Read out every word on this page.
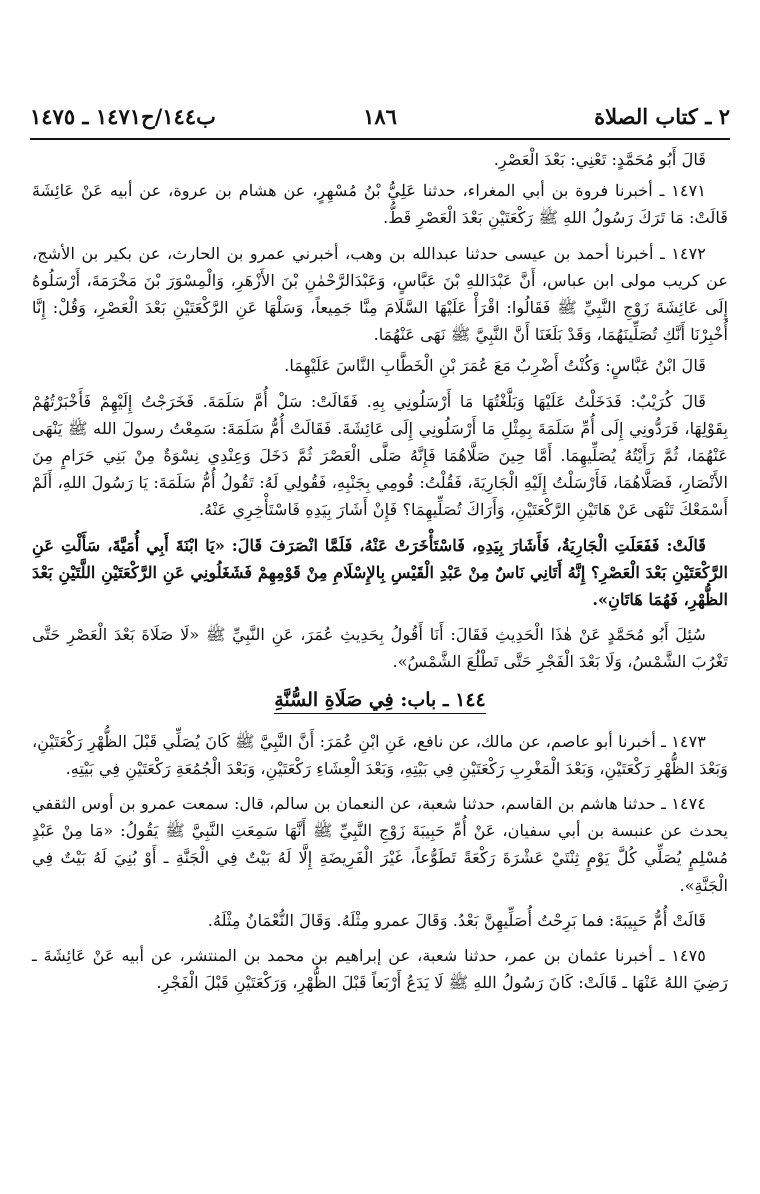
٢ ـ كتاب الصلاة
١٨٦
ب١٤٤/ح١٤٧١ ـ ١٤٧٥

قَالَ أَبُو مُحَمَّدٍ: تَعْنِي: بَعْدَ الْعَصْرِ.

١٤٧١ ـ أخبرنا فروة بن أبي المغراء، حدثنا عَلِيُّ بْنُ مُسْهِرٍ، عن هشام بن عروة، عن أبيه عَنْ عَائِشَةَ قَالَتْ: مَا تَرَكَ رَسُولُ اللهِ ﷺ رَكْعَتَيْنِ بَعْدَ الْعَصْرِ قَطُّ.

١٤٧٢ ـ أخبرنا أحمد بن عيسى حدثنا عبدالله بن وهب، أخبرني عمرو بن الحارث، عن بكير بن الأشج، عن كريب مولى ابن عباس، أَنَّ عَبْدَاللهِ بْنَ عَبَّاسٍ، وَعَبْدَالرَّحْمٰنِ بْنَ الأَزْهَرِ، وَالْمِسْوَرَ بْنَ مَخْرَمَةَ، أَرْسَلُوهُ إِلَى عَائِشَةَ زَوْجِ النَّبِيِّ ﷺ فَقَالُوا: اقْرَأْ عَلَيْهَا السَّلَامَ مِنَّا جَمِيعاً، وَسَلْهَا عَنِ الرَّكْعَتَيْنِ بَعْدَ الْعَصْرِ، وَقُلْ: إِنَّا أُخْبِرْنَا أَنَّكِ تُصَلِّينَهُمَا، وَقَدْ بَلَغَنَا أَنَّ النَّبِيَّ ﷺ نَهَى عَنْهُمَا.

قَالَ ابْنُ عَبَّاسٍ: وَكُنْتُ أَضْرِبُ مَعَ عُمَرَ بْنِ الْخَطَّابِ النَّاسَ عَلَيْهِمَا.

قَالَ كُرَيْبٌ: فَدَخَلْتُ عَلَيْهَا وَبَلَّغْتُهَا مَا أَرْسَلُونِي بِهِ. فَقَالَتْ: سَلْ أُمَّ سَلَمَةَ. فَخَرَجْتُ إِلَيْهِمْ فَأَخْبَرْتُهُمْ بِقَوْلِهَا، فَرَدُّونِي إِلَى أُمِّ سَلَمَةَ بِمِثْلِ مَا أَرْسَلُونِي إِلَى عَائِشَةَ. فَقَالَتْ أُمُّ سَلَمَةَ: سَمِعْتُ رسولَ الله ﷺ يَنْهَى عَنْهُمَا، ثُمَّ رَأَيْتُهُ يُصَلِّيهِمَا. أَمَّا حِينَ صَلَّاهُمَا فَإِنَّهُ صَلَّى الْعَصْرَ ثُمَّ دَخَلَ وَعِنْدِي نِسْوَةٌ مِنْ بَنِي حَرَامٍ مِنَ الأَنْصَارِ، فَصَلَّاهُمَا، فَأَرْسَلْتُ إِلَيْهِ الْجَارِيَةَ، فَقُلْتُ: قُومِي بِجَنْبِهِ، فَقُولِي لَهُ: تَقُولُ أُمُّ سَلَمَةَ: يَا رَسُولَ اللهِ، أَلَمْ أَسْمَعْكَ تَنْهَى عَنْ هَاتَيْنِ الرَّكْعَتَيْنِ، وَأَرَاكَ تُصَلِّيهِمَا؟ فَإِنْ أَشَارَ بِيَدِهِ فَاسْتَأْخِرِي عَنْهُ.

قَالَتْ: فَفَعَلَتِ الْجَارِيَةُ، فَأَشَارَ بِيَدِهِ، فَاسْتَأْخَرَتْ عَنْهُ، فَلَمَّا انْصَرَفَ قَالَ: «يَا ابْنَةَ أَبِي أُمَيَّةَ، سَأَلْتِ عَنِ الرَّكْعَتَيْنِ بَعْدَ الْعَصْرِ؟ إِنَّهُ أَتَانِي نَاسٌ مِنْ عَبْدِ الْقَيْسِ بِالإِسْلَامِ مِنْ قَوْمِهِمْ فَشَغَلُونِي عَنِ الرَّكْعَتَيْنِ اللَّتَيْنِ بَعْدَ الظُّهْرِ، فَهُمَا هَاتَانِ».

سُئِلَ أَبُو مُحَمَّدٍ عَنْ هٰذَا الْحَدِيثِ فَقَالَ: أَنَا أَقُولُ بِحَدِيثِ عُمَرَ، عَنِ النَّبِيِّ ﷺ «لَا صَلَاةَ بَعْدَ الْعَصْرِ حَتَّى تَغْرُبَ الشَّمْسُ، وَلَا بَعْدَ الْفَجْرِ حَتَّى تَطْلُعَ الشَّمْسُ».

١٤٤ ـ باب: فِي صَلَاةِ السُّنَّةِ

١٤٧٣ ـ أخبرنا أبو عاصم، عن مالك، عن نافع، عَنِ ابْنِ عُمَرَ: أَنَّ النَّبِيَّ ﷺ كَانَ يُصَلِّي قَبْلَ الظُّهْرِ رَكْعَتَيْنِ، وَبَعْدَ الظُّهْرِ رَكْعَتَيْنِ، وَبَعْدَ الْمَغْرِبِ رَكْعَتَيْنِ فِي بَيْتِهِ، وَبَعْدَ الْعِشَاءِ رَكْعَتَيْنِ، وَبَعْدَ الْجُمُعَةِ رَكْعَتَيْنِ فِي بَيْتِهِ.

١٤٧٤ ـ حدثنا هاشم بن القاسم، حدثنا شعبة، عن النعمان بن سالم، قال: سمعت عمرو بن أوس الثقفي يحدث عن عنبسة بن أبي سفيان، عَنْ أُمِّ حَبِيبَةَ زَوْجِ النَّبِيِّ ﷺ أَنَّهَا سَمِعَتِ النَّبِيَّ ﷺ يَقُولُ: «مَا مِنْ عَبْدٍ مُسْلِمٍ يُصَلِّي كُلَّ يَوْمٍ ثِنْتَيْ عَشْرَةَ رَكْعَةً تَطَوُّعاً، غَيْرَ الْفَرِيضَةِ إِلَّا لَهُ بَيْتٌ فِي الْجَنَّةِ ـ أَوْ بُنِيَ لَهُ بَيْتٌ فِي الْجَنَّةِ».

قَالَتْ أُمُّ حَبِيبَةَ: فما بَرِحْتُ أُصَلِّيهِنَّ بَعْدُ. وَقَالَ عمرو مِثْلَهُ. وَقَالَ النُّعْمَانُ مِثْلَهُ.

١٤٧٥ ـ أخبرنا عثمان بن عمر، حدثنا شعبة، عن إبراهيم بن محمد بن المنتشر، عن أبيه عَنْ عَائِشَةَ ـ رَضِيَ اللهُ عَنْهَا ـ قَالَتْ: كَانَ رَسُولُ اللهِ ﷺ لَا يَدَعُ أَرْبَعاً قَبْلَ الظُّهْرِ، وَرَكْعَتَيْنِ قَبْلَ الْفَجْرِ.
